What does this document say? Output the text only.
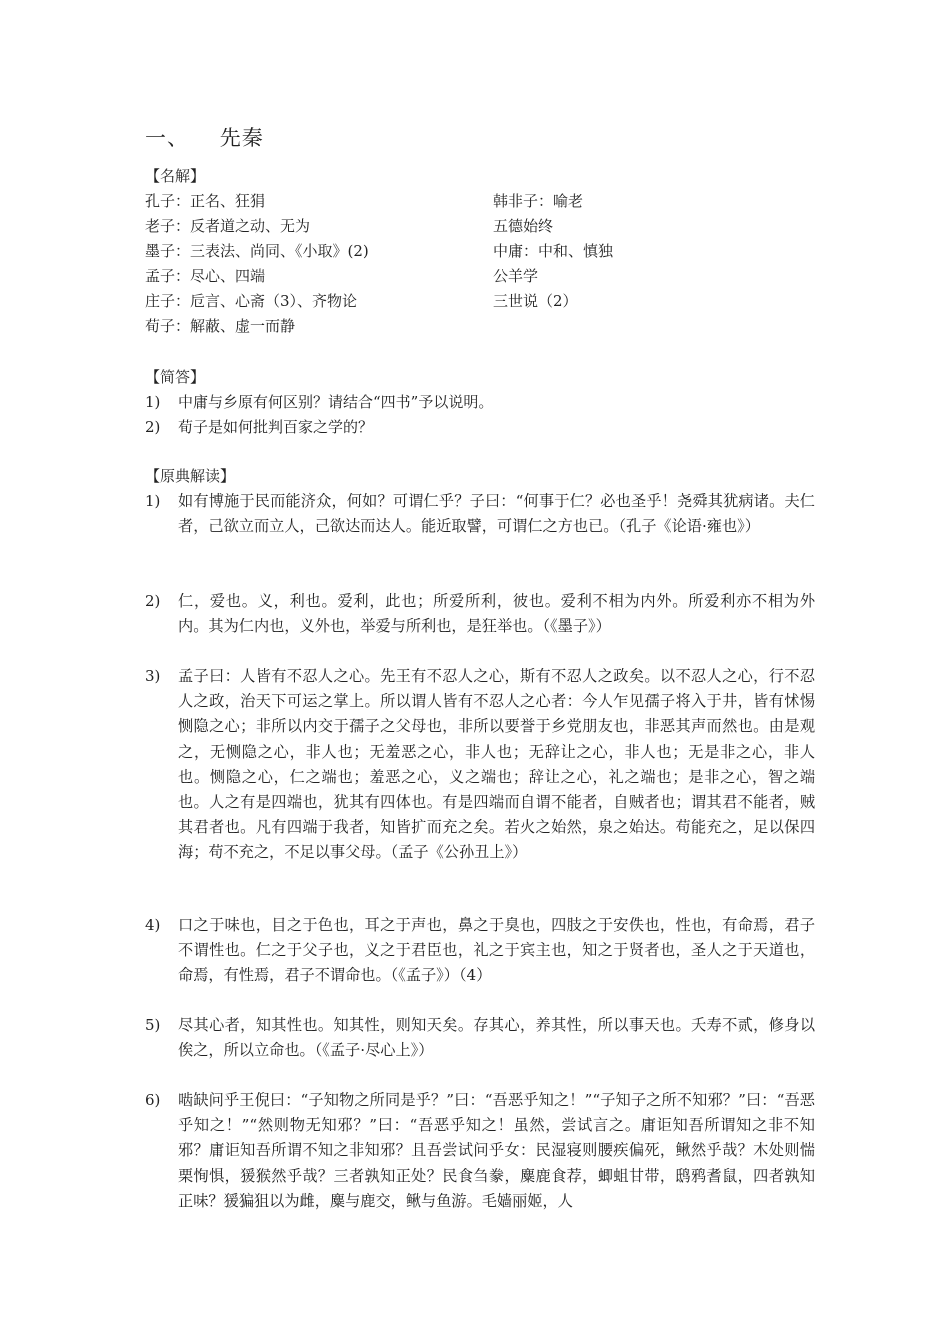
一、    先秦
【名解】
孔子：正名、狂狷
老子：反者道之动、无为
墨子：三表法、尚同、《小取》(2)
孟子：尽心、四端
庄子：卮言、心斋（3）、齐物论
荀子：解蔽、虚一而静
韩非子：喻老
五德始终
中庸：中和、慎独
公羊学
三世说（2）
【简答】
1) 中庸与乡原有何区别？请结合“四书”予以说明。
2) 荀子是如何批判百家之学的？
【原典解读】
1) 如有博施于民而能济众，何如？可谓仁乎？子曰：“何事于仁？必也圣乎！尧舜其犹病诸。夫仁者，己欲立而立人，己欲达而达人。能近取譬，可谓仁之方也已。（孔子《论语·雍也》）
2) 仁，爱也。义，利也。爱利，此也；所爱所利，彼也。爱利不相为内外。所爱利亦不相为外内。其为仁内也，义外也，举爱与所利也，是狂举也。（《墨子》）
3) 孟子曰：人皆有不忍人之心。先王有不忍人之心，斯有不忍人之政矣。以不忍人之心，行不忍人之政，治天下可运之掌上。所以谓人皆有不忍人之心者：今人乍见孺子将入于井，皆有怵惕恻隐之心；非所以内交于孺子之父母也，非所以要誉于乡党朋友也，非恶其声而然也。由是观之，无恻隐之心，非人也；无羞恶之心，非人也；无辞让之心，非人也；无是非之心，非人也。恻隐之心，仁之端也；羞恶之心，义之端也；辞让之心，礼之端也；是非之心，智之端也。人之有是四端也，犹其有四体也。有是四端而自谓不能者，自贼者也；谓其君不能者，贼其君者也。凡有四端于我者，知皆扩而充之矣。若火之始然，泉之始达。苟能充之，足以保四海；苟不充之，不足以事父母。（孟子《公孙丑上》）
4) 口之于味也，目之于色也，耳之于声也，鼻之于臭也，四肢之于安佚也，性也，有命焉，君子不谓性也。仁之于父子也，义之于君臣也，礼之于宾主也，知之于贤者也，圣人之于天道也，命焉，有性焉，君子不谓命也。（《孟子》）（4）
5) 尽其心者，知其性也。知其性，则知天矣。存其心，养其性，所以事天也。夭寿不贰，修身以俟之，所以立命也。（《孟子·尽心上》）
6) 啮缺问乎王倪曰：“子知物之所同是乎？”曰：“吾恶乎知之！”“子知子之所不知邪？”曰：“吾恶乎知之！”“然则物无知邪？”曰：“吾恶乎知之！虽然，尝试言之。庸讵知吾所谓知之非不知邪？庸讵知吾所谓不知之非知邪？且吾尝试问乎女：民湿寝则腰疾偏死，鳅然乎哉？木处则惴栗恂惧，猨猴然乎哉？三者孰知正处？民食刍豢，麋鹿食荐，蝍蛆甘带，鸱鸦耆鼠，四者孰知正味？猨猵狙以为雌，麋与鹿交，鳅与鱼游。毛嫱丽姬，人
